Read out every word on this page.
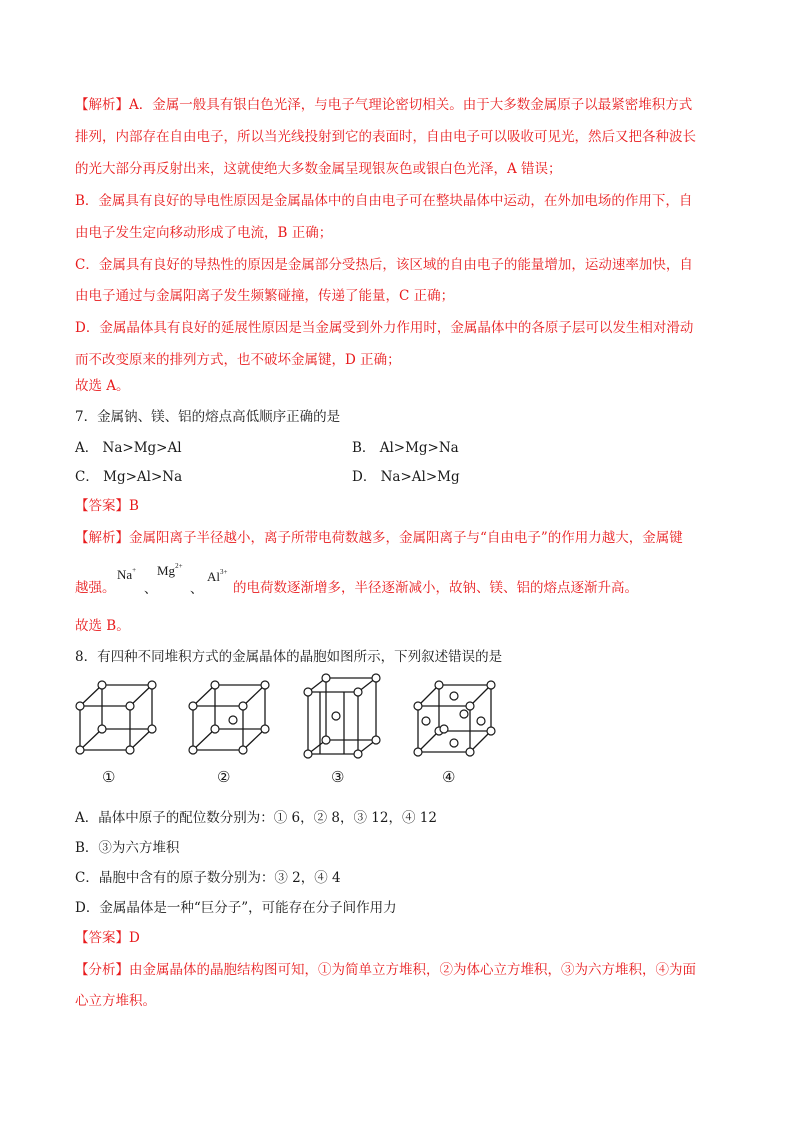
【解析】A．金属一般具有银白色光泽，与电子气理论密切相关。由于大多数金属原子以最紧密堆积方式
排列，内部存在自由电子，所以当光线投射到它的表面时，自由电子可以吸收可见光，然后又把各种波长
的光大部分再反射出来，这就使绝大多数金属呈现银灰色或银白色光泽，A 错误；
B．金属具有良好的导电性原因是金属晶体中的自由电子可在整块晶体中运动，在外加电场的作用下，自
由电子发生定向移动形成了电流，B 正确；
C．金属具有良好的导热性的原因是金属部分受热后，该区域的自由电子的能量增加，运动速率加快，自
由电子通过与金属阳离子发生频繁碰撞，传递了能量，C 正确；
D．金属晶体具有良好的延展性原因是当金属受到外力作用时，金属晶体中的各原子层可以发生相对滑动
而不改变原来的排列方式，也不破坏金属键，D 正确；
故选 A。
7．金属钠、镁、铝的熔点高低顺序正确的是
A． Na>Mg>Al	B． Al>Mg>Na
C． Mg>Al>Na	D． Na>Al>Mg
【答案】B
【解析】金属阳离子半径越小，离子所带电荷数越多，金属阳离子与“自由电子”的作用力越大，金属键
越强。
Na+
、
$Mg^{2+}$
、
$Al^{3+}$
的电荷数逐渐增多，半径逐渐减小，故钠、镁、铝的熔点逐渐升高。
故选 B。
8．有四种不同堆积方式的金属晶体的晶胞如图所示，下列叙述错误的是
①	②	③	④
A．晶体中原子的配位数分别为：① 6，② 8，③ 12，④ 12
B．③为六方堆积
C．晶胞中含有的原子数分别为：③ 2，④ 4
D．金属晶体是一种“巨分子”，可能存在分子间作用力
【答案】D
【分析】由金属晶体的晶胞结构图可知，①为简单立方堆积，②为体心立方堆积，③为六方堆积，④为面
心立方堆积。
